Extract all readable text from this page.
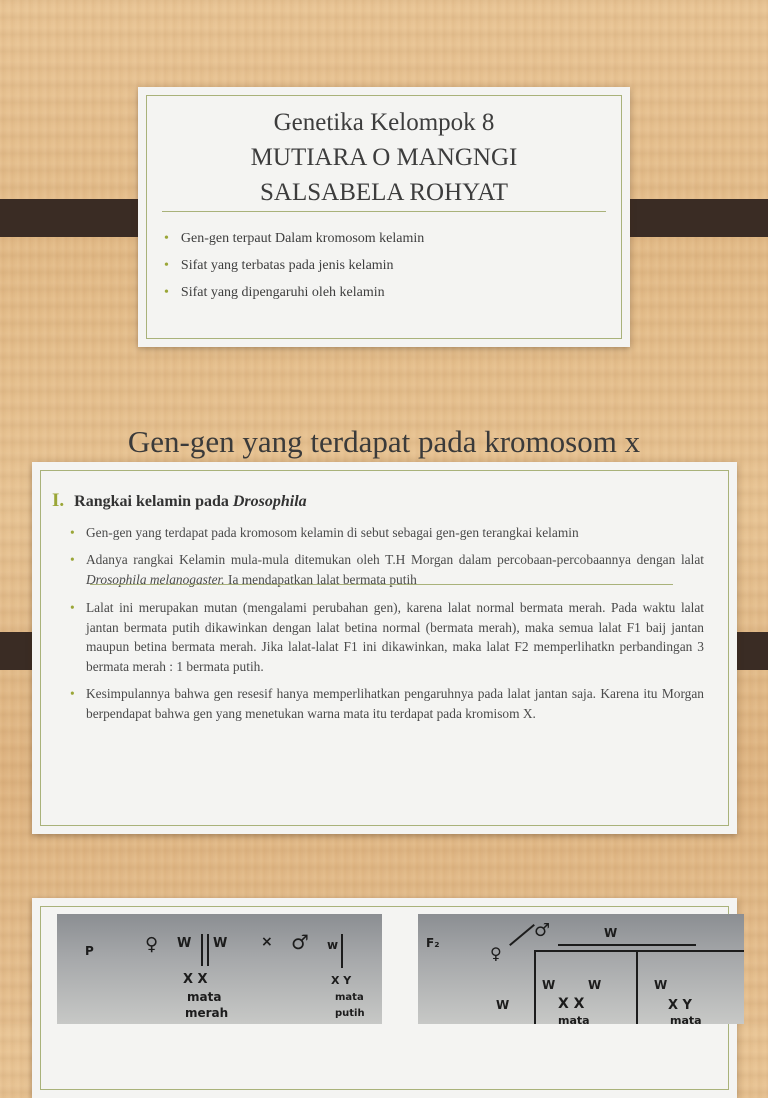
Genetika Kelompok 8
MUTIARA O MANGNGI
SALSABELA ROHYAT
• Gen-gen terpaut Dalam kromosom kelamin
• Sifat yang terbatas pada jenis kelamin
• Sifat yang dipengaruhi oleh kelamin
Gen-gen yang terdapat pada kromosom x
I. Rangkai kelamin pada Drosophila
• Gen-gen yang terdapat pada kromosom kelamin di sebut sebagai gen-gen terangkai kelamin
• Adanya rangkai Kelamin mula-mula ditemukan oleh T.H Morgan dalam percobaan-percobaannya dengan lalat Drosophila melanogaster. Ia mendapatkan lalat bermata putih
• Lalat ini merupakan mutan (mengalami perubahan gen), karena lalat normal bermata merah. Pada waktu lalat jantan bermata putih dikawinkan dengan lalat betina normal (bermata merah), maka semua lalat F1 baij jantan maupun betina bermata merah. Jika lalat-lalat F1 ini dikawinkan, maka lalat F2 memperlihatkn perbandingan 3 bermata merah : 1 bermata putih.
• Kesimpulannya bahwa gen resesif hanya memperlihatkan pengaruhnya pada lalat jantan saja. Karena itu Morgan berpendapat bahwa gen yang menetukan warna mata itu terdapat pada kromisom X.
P	♀ W W × ♂ w
X X	X Y
mata
merah
mata
putih
F₂
♂	W
♀
W
W	W	W
X X	X Y
mata	mata
